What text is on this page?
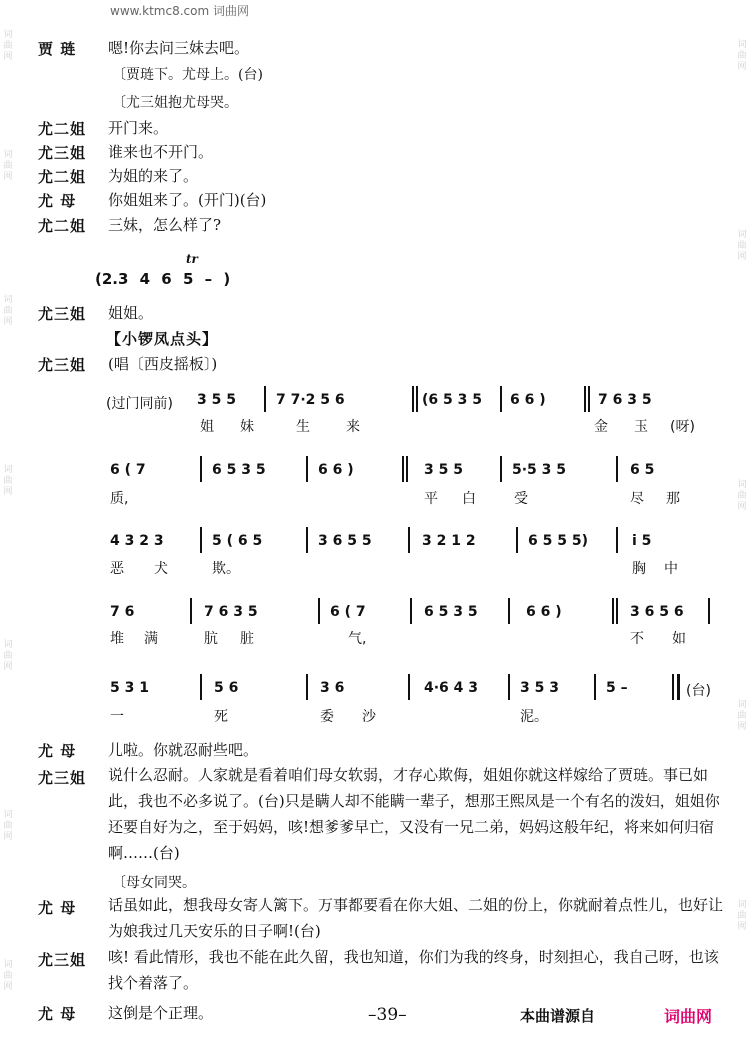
词曲网
词曲网
词曲网
词曲网
词曲网
词曲网
词曲网
词曲网
词曲网
词曲网
词曲网
词曲网
www.ktmc8.com 词曲网
贾 琏 嗯!你去问三妹去吧。
〔贾琏下。尤母上。(台)
〔尤三姐抱尤母哭。
尤二姐 开门来。
尤三姐 谁来也不开门。
尤二姐 为姐的来了。
尤 母 你姐姐来了。(开门)(台)
尤二姐 三妹，怎么样了?
tr
(2.3 4 6 5 – )
尤三姐 姐姐。
【小锣凤点头】
尤三姐 (唱〔西皮摇板〕)
(过门同前) 3 5 5	7 7·2 5 6	(6 5 3 5 6 6 )	7 6 3 5
姐 妹	生	来	金 玉 (呀)
6 ( 7	6 5 3 5	6 6 )	3 5 5	5·5 3 5	6 5
质,	平 白	受	尽 那
4 3 2 3	5 ( 6 5	3 6 5 5	3 2 1 2	6 5 5 5)	i 5
恶 犬	欺。	胸 中
7 6	7 6 3 5	6 ( 7	6 5 3 5	6 6 )	3 6 5 6
堆 满	肮 脏	气,	不 如
5 3 1	5 6	3 6	4·6 4 3	3 5 3	5 –	(台)
一	死	委 沙	泥。
尤 母 儿啦。你就忍耐些吧。
尤三姐 说什么忍耐。人家就是看着咱们母女软弱，才存心欺侮，姐姐你就这样嫁给了贾琏。事已如此，我也不必多说了。(台)只是瞒人却不能瞒一辈子，想那王熙凤是一个有名的泼妇，姐姐你还要自好为之，至于妈妈，咳!想爹爹早亡，又没有一兄二弟，妈妈这般年纪，将来如何归宿啊……(台)
〔母女同哭。
尤 母 话虽如此，想我母女寄人篱下。万事都要看在你大姐、二姐的份上，你就耐着点性儿，也好让为娘我过几天安乐的日子啊!(台)
尤三姐 咳! 看此情形，我也不能在此久留，我也知道，你们为我的终身，时刻担心，我自己呀，也该找个着落了。
尤 母 这倒是个正理。	–39–	本曲谱源自	词曲网
